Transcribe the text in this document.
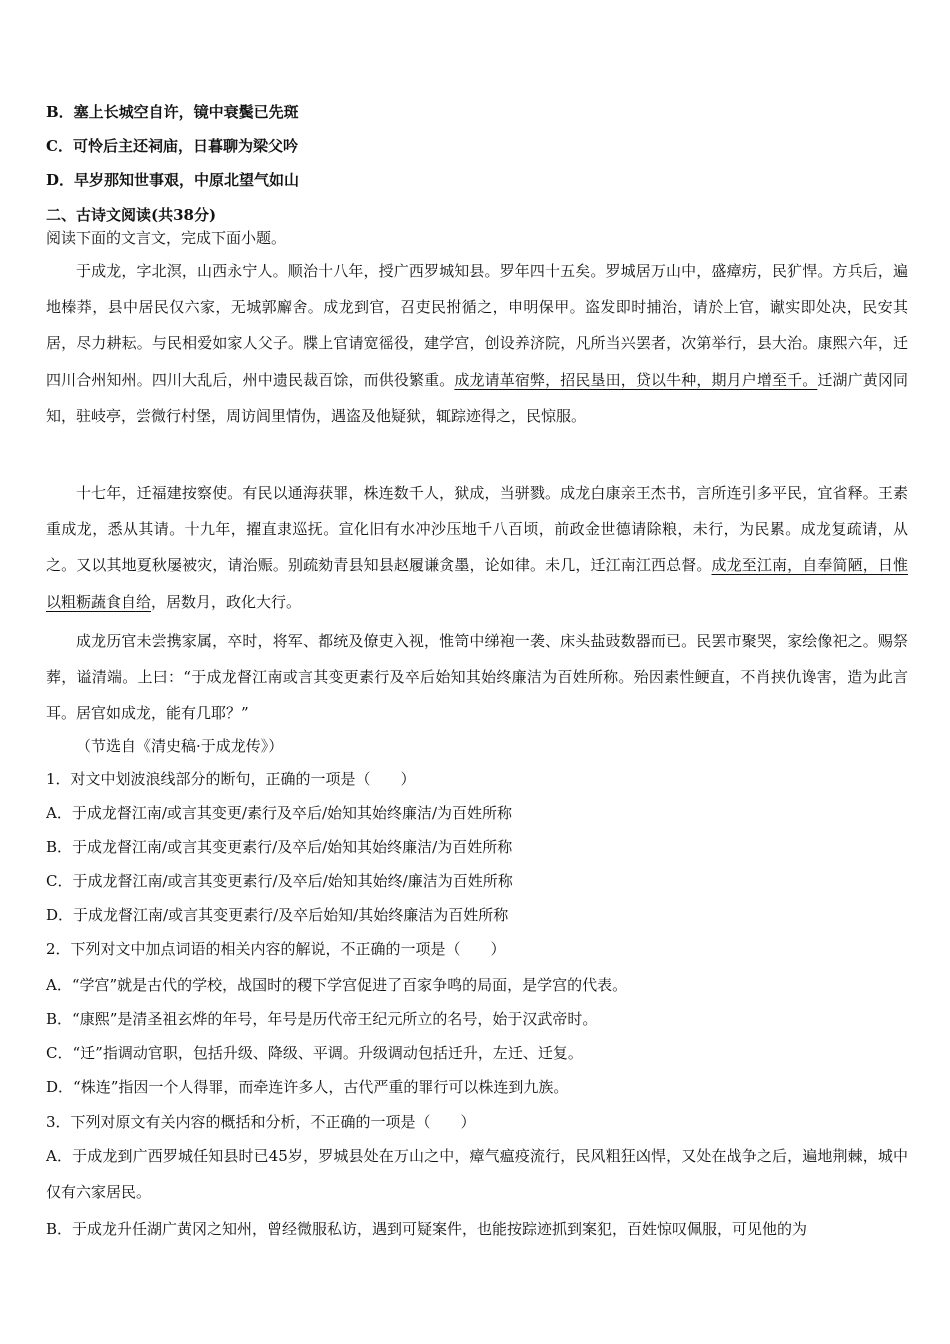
B．塞上长城空自许，镜中衰鬓已先斑
C．可怜后主还祠庙，日暮聊为梁父吟
D．早岁那知世事艰，中原北望气如山
二、古诗文阅读(共38分)
阅读下面的文言文，完成下面小题。

于成龙，字北溟，山西永宁人。顺治十八年，授广西罗城知县。罗年四十五矣。罗城居万山中，盛瘴疠，民犷悍。方兵后，遍地榛莽，县中居民仅六家，无城郭廨舍。成龙到官，召吏民拊循之，申明保甲。盗发即时捕治，请於上官，谳实即处决，民安其居，尽力耕耘。与民相爱如家人父子。牒上官请宽徭役，建学宫，创设养济院，凡所当兴罢者，次第举行，县大治。康熙六年，迁四川合州知州。四川大乱后，州中遗民裁百馀，而供役繁重。成龙请革宿弊，招民垦田，贷以牛种，期月户增至千。迁湖广黄冈同知，驻岐亭，尝微行村堡，周访闾里情伪，遇盗及他疑狱，辄踪迹得之，民惊服。

十七年，迁福建按察使。有民以通海获罪，株连数千人，狱成，当骈戮。成龙白康亲王杰书，言所连引多平民，宜省释。王素重成龙，悉从其请。十九年，擢直隶巡抚。宣化旧有水冲沙压地千八百顷，前政金世德请除粮，未行，为民累。成龙复疏请，从之。又以其地夏秋屡被灾，请治赈。别疏劾青县知县赵履谦贪墨，论如律。未几，迁江南江西总督。成龙至江南，自奉简陋，日惟以粗粝蔬食自给，居数月，政化大行。

成龙历官未尝携家属，卒时，将军、都统及僚吏入视，惟笥中绨袍一袭、床头盐豉数器而已。民罢市聚哭，家绘像祀之。赐祭葬，谥清端。上曰：“于成龙督江南或言其变更素行及卒后始知其始终廉洁为百姓所称。殆因素性鲠直，不肖挟仇谗害，造为此言耳。居官如成龙，能有几耶？”

（节选自《清史稿·于成龙传》）
1．对文中划波浪线部分的断句，正确的一项是（　　）
A．于成龙督江南/或言其变更/素行及卒后/始知其始终廉洁/为百姓所称
B．于成龙督江南/或言其变更素行/及卒后/始知其始终廉洁/为百姓所称
C．于成龙督江南/或言其变更素行/及卒后/始知其始终/廉洁为百姓所称
D．于成龙督江南/或言其变更素行/及卒后始知/其始终廉洁为百姓所称
2．下列对文中加点词语的相关内容的解说，不正确的一项是（　　）
A．“学宫”就是古代的学校，战国时的稷下学宫促进了百家争鸣的局面，是学宫的代表。
B．“康熙”是清圣祖玄烨的年号，年号是历代帝王纪元所立的名号，始于汉武帝时。
C．“迁”指调动官职，包括升级、降级、平调。升级调动包括迁升，左迁、迁复。
D．“株连”指因一个人得罪，而牵连许多人，古代严重的罪行可以株连到九族。
3．下列对原文有关内容的概括和分析，不正确的一项是（　　）

A．于成龙到广西罗城任知县时已45岁，罗城县处在万山之中，瘴气瘟疫流行，民风粗狂凶悍，又处在战争之后，遍地荆棘，城中仅有六家居民。

B．于成龙升任湖广黄冈之知州，曾经微服私访，遇到可疑案件，也能按踪迹抓到案犯，百姓惊叹佩服，可见他的为
